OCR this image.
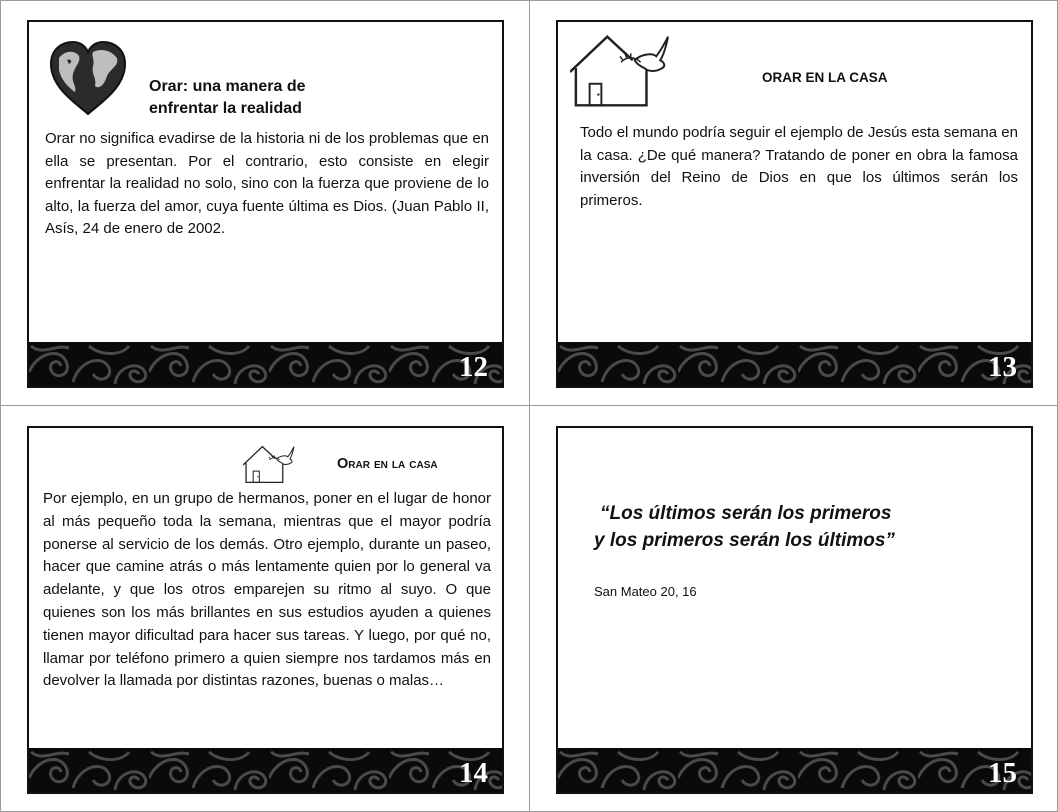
Orar: una manera de enfrentar la realidad
Orar no significa evadirse de la historia ni de los problemas que en ella se presentan. Por el contrario, esto consiste en elegir enfrentar la realidad no solo, sino con la fuerza que proviene de lo alto, la fuerza del amor, cuya fuente última es Dios. (Juan Pablo II, Asís, 24 de enero de 2002.
12
ORAR EN LA CASA
Todo el mundo podría seguir el ejemplo de Jesús esta semana en la casa. ¿De qué manera? Tratando de poner en obra la famosa inversión del Reino de Dios en que los últimos serán los primeros.
13
Orar en la casa
Por ejemplo, en un grupo de hermanos, poner en el lugar de honor al más pequeño toda la semana, mientras que el mayor podría ponerse al servicio de los demás. Otro ejemplo, durante un paseo, hacer que camine atrás o más lentamente quien por lo general va adelante, y que los otros emparejen su ritmo al suyo. O que quienes son los más brillantes en sus estudios ayuden a quienes tienen mayor dificultad para hacer sus tareas. Y luego, por qué no, llamar por teléfono primero a quien siempre nos tardamos más en devolver la llamada por distintas razones, buenas o malas…
14
“Los últimos serán los primeros y los primeros serán los últimos”
San Mateo 20, 16
15
